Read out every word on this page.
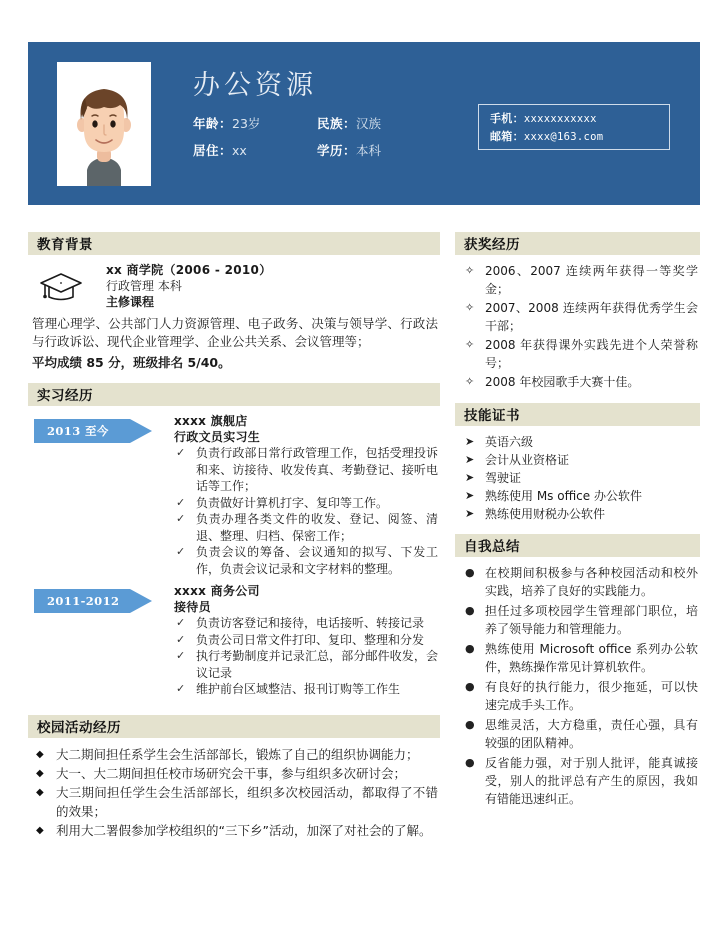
办公资源
年龄：23岁	民族：汉族
居住：xx	学历：本科
手机：xxxxxxxxxxx
邮箱：xxxx@163.com
教育背景
xx 商学院（2006 - 2010）
行政管理 本科
主修课程
管理心理学、公共部门人力资源管理、电子政务、决策与领导学、行政法与行政诉讼、现代企业管理学、企业公共关系、会议管理等；
平均成绩 85 分，班级排名 5/40。
实习经历
2013 至今
xxxx 旗舰店
行政文员实习生
✓ 负责行政部日常行政管理工作，包括受理投诉和来、访接待、收发传真、考勤登记、接听电话等工作；
✓ 负责做好计算机打字、复印等工作。
✓ 负责办理各类文件的收发、登记、阅签、清退、整理、归档、保密工作；
✓ 负责会议的筹备、会议通知的拟写、下发工作，负责会议记录和文字材料的整理。
2011-2012
xxxx 商务公司
接待员
✓ 负责访客登记和接待，电话接听、转接记录
✓ 负责公司日常文件打印、复印、整理和分发
✓ 执行考勤制度并记录汇总，部分邮件收发，会议记录
✓ 维护前台区域整洁、报刊订购等工作生
校园活动经历
◆ 大二期间担任系学生会生活部部长，锻炼了自己的组织协调能力；
◆ 大一、大二期间担任校市场研究会干事，参与组织多次研讨会；
◆ 大三期间担任学生会生活部部长，组织多次校园活动，都取得了不错的效果；
◆ 利用大二署假参加学校组织的“三下乡”活动，加深了对社会的了解。
获奖经历
✧ 2006、2007 连续两年获得一等奖学金；
✧ 2007、2008 连续两年获得优秀学生会干部；
✧ 2008 年获得课外实践先进个人荣誉称号；
✧ 2008 年校园歌手大赛十佳。
技能证书
➤ 英语六级
➤ 会计从业资格证
➤ 驾驶证
➤ 熟练使用 Ms office 办公软件
➤ 熟练使用财税办公软件
自我总结
● 在校期间积极参与各种校园活动和校外实践，培养了良好的实践能力。
● 担任过多项校园学生管理部门职位，培养了领导能力和管理能力。
● 熟练使用 Microsoft office 系列办公软件，熟练操作常见计算机软件。
● 有良好的执行能力，很少拖延，可以快速完成手头工作。
● 思维灵活，大方稳重，责任心强，具有较强的团队精神。
● 反省能力强，对于别人批评，能真诚接受，别人的批评总有产生的原因，我如有错能迅速纠正。
